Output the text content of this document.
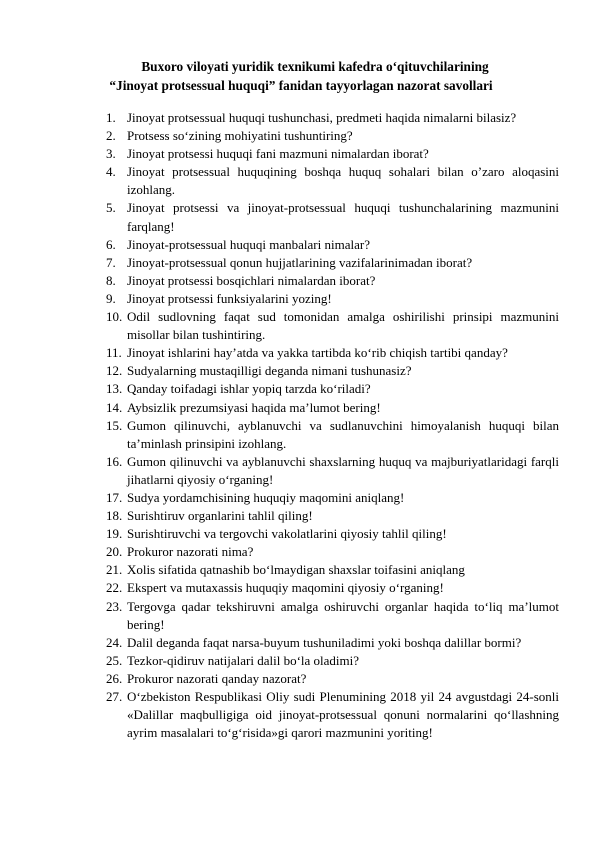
Buxoro viloyati yuridik texnikumi kafedra o‘qituvchilarining
“Jinoyat protsessual huquqi” fanidan tayyorlagan nazorat savollari
1. Jinoyat protsessual huquqi tushunchasi, predmeti haqida nimalarni bilasiz?
2. Protsess so‘zining mohiyatini tushuntiring?
3. Jinoyat protsessi huquqi fani mazmuni nimalardan iborat?
4. Jinoyat protsessual huquqining boshqa huquq sohalari bilan o’zaro aloqasini izohlang.
5. Jinoyat protsessi va jinoyat-protsessual huquqi tushunchalarining mazmunini farqlang!
6. Jinoyat-protsessual huquqi manbalari nimalar?
7. Jinoyat-protsessual qonun hujjatlarining vazifalarinimadan iborat?
8. Jinoyat protsessi bosqichlari nimalardan iborat?
9. Jinoyat protsessi funksiyalarini yozing!
10. Odil sudlovning faqat sud tomonidan amalga oshirilishi prinsipi mazmunini misollar bilan tushintiring.
11. Jinoyat ishlarini hay’atda va yakka tartibda ko‘rib chiqish tartibi qanday?
12. Sudyalarning mustaqilligi deganda nimani tushunasiz?
13. Qanday toifadagi ishlar yopiq tarzda ko‘riladi?
14. Aybsizlik prezumsiyasi haqida ma’lumot bering!
15. Gumon qilinuvchi, ayblanuvchi va sudlanuvchini himoyalanish huquqi bilan ta’minlash prinsipini izohlang.
16. Gumon qilinuvchi va ayblanuvchi shaxslarning huquq va majburiyatlaridagi farqli jihatlarni qiyosiy o‘rganing!
17. Sudya yordamchisining huquqiy maqomini aniqlang!
18. Surishtiruv organlarini tahlil qiling!
19. Surishtiruvchi va tergovchi vakolatlarini qiyosiy tahlil qiling!
20. Prokuror nazorati nima?
21. Xolis sifatida qatnashib bo‘lmaydigan shaxslar toifasini aniqlang
22. Ekspert va mutaxassis huquqiy maqomini qiyosiy o‘rganing!
23. Tergovga qadar tekshiruvni amalga oshiruvchi organlar haqida to‘liq ma’lumot bering!
24. Dalil deganda faqat narsa-buyum tushuniladimi yoki boshqa dalillar bormi?
25. Tezkor-qidiruv natijalari dalil bo‘la oladimi?
26. Prokuror nazorati qanday nazorat?
27. O‘zbekiston Respublikasi Oliy sudi Plenumining 2018 yil 24 avgustdagi 24-sonli «Dalillar maqbulligiga oid jinoyat-protsessual qonuni normalarini qo‘llashning ayrim masalalari to‘g‘risida»gi qarori mazmunini yoriting!
